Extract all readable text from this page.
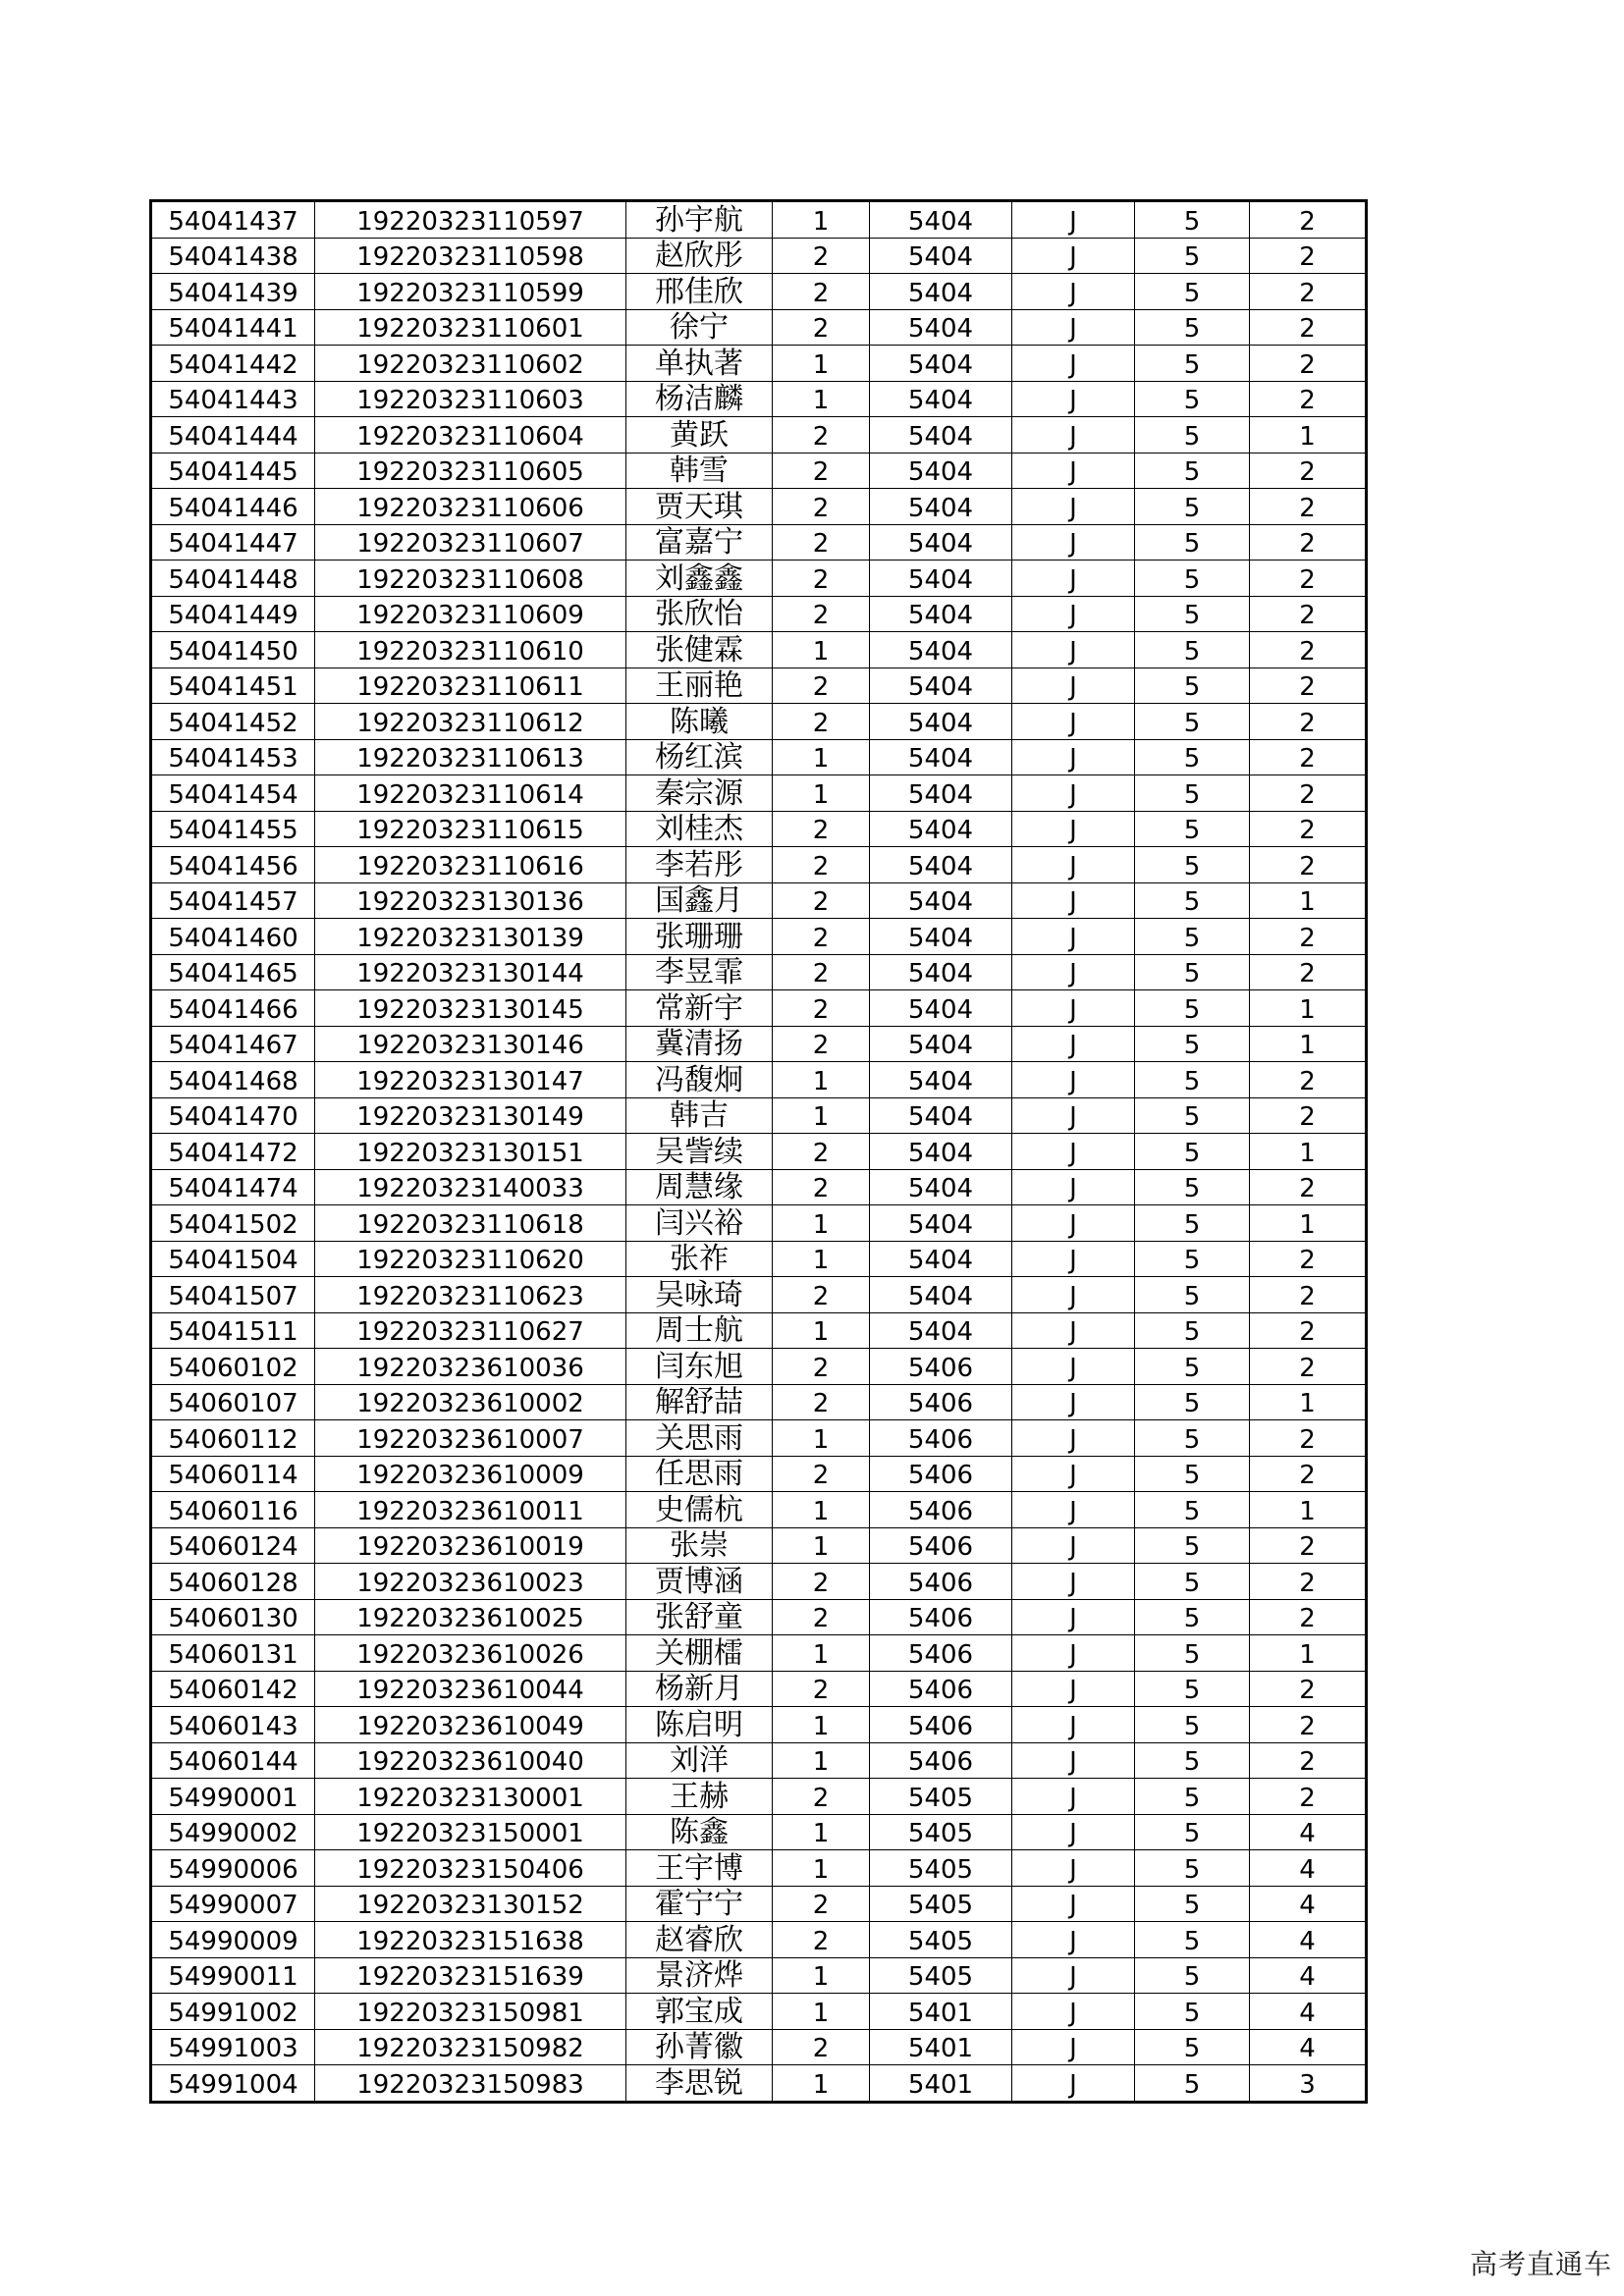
54041437	19220323110597	孙宇航	1	5404	J	5	2
54041438	19220323110598	赵欣彤	2	5404	J	5	2
54041439	19220323110599	邢佳欣	2	5404	J	5	2
54041441	19220323110601	徐宁	2	5404	J	5	2
54041442	19220323110602	单执著	1	5404	J	5	2
54041443	19220323110603	杨洁麟	1	5404	J	5	2
54041444	19220323110604	黄跃	2	5404	J	5	1
54041445	19220323110605	韩雪	2	5404	J	5	2
54041446	19220323110606	贾天琪	2	5404	J	5	2
54041447	19220323110607	富嘉宁	2	5404	J	5	2
54041448	19220323110608	刘鑫鑫	2	5404	J	5	2
54041449	19220323110609	张欣怡	2	5404	J	5	2
54041450	19220323110610	张健霖	1	5404	J	5	2
54041451	19220323110611	王丽艳	2	5404	J	5	2
54041452	19220323110612	陈曦	2	5404	J	5	2
54041453	19220323110613	杨红滨	1	5404	J	5	2
54041454	19220323110614	秦宗源	1	5404	J	5	2
54041455	19220323110615	刘桂杰	2	5404	J	5	2
54041456	19220323110616	李若彤	2	5404	J	5	2
54041457	19220323130136	国鑫月	2	5404	J	5	1
54041460	19220323130139	张珊珊	2	5404	J	5	2
54041465	19220323130144	李昱霏	2	5404	J	5	2
54041466	19220323130145	常新宇	2	5404	J	5	1
54041467	19220323130146	冀清扬	2	5404	J	5	1
54041468	19220323130147	冯馥炯	1	5404	J	5	2
54041470	19220323130149	韩吉	1	5404	J	5	2
54041472	19220323130151	吴訾续	2	5404	J	5	1
54041474	19220323140033	周慧缘	2	5404	J	5	2
54041502	19220323110618	闫兴裕	1	5404	J	5	1
54041504	19220323110620	张祚	1	5404	J	5	2
54041507	19220323110623	吴咏琦	2	5404	J	5	2
54041511	19220323110627	周士航	1	5404	J	5	2
54060102	19220323610036	闫东旭	2	5406	J	5	2
54060107	19220323610002	解舒喆	2	5406	J	5	1
54060112	19220323610007	关思雨	1	5406	J	5	2
54060114	19220323610009	任思雨	2	5406	J	5	2
54060116	19220323610011	史儒杭	1	5406	J	5	1
54060124	19220323610019	张崇	1	5406	J	5	2
54060128	19220323610023	贾博涵	2	5406	J	5	2
54060130	19220323610025	张舒童	2	5406	J	5	2
54060131	19220323610026	关棚檑	1	5406	J	5	1
54060142	19220323610044	杨新月	2	5406	J	5	2
54060143	19220323610049	陈启明	1	5406	J	5	2
54060144	19220323610040	刘洋	1	5406	J	5	2
54990001	19220323130001	王赫	2	5405	J	5	2
54990002	19220323150001	陈鑫	1	5405	J	5	4
54990006	19220323150406	王宇博	1	5405	J	5	4
54990007	19220323130152	霍宁宁	2	5405	J	5	4
54990009	19220323151638	赵睿欣	2	5405	J	5	4
54990011	19220323151639	景济烨	1	5405	J	5	4
54991002	19220323150981	郭宝成	1	5401	J	5	4
54991003	19220323150982	孙菁徽	2	5401	J	5	4
54991004	19220323150983	李思锐	1	5401	J	5	3
高考直通车
